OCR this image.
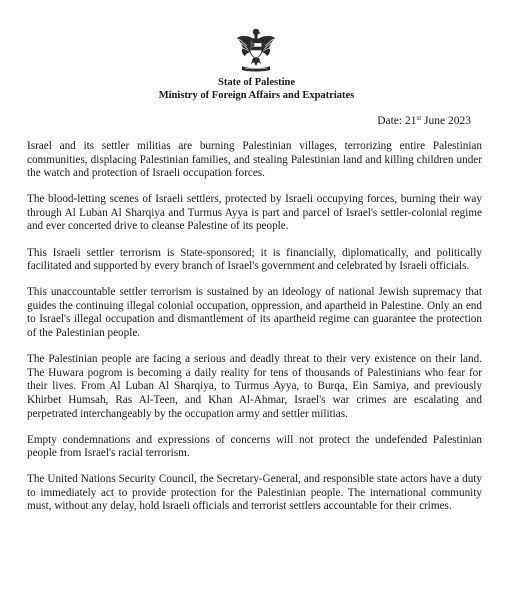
State of Palestine
Ministry of Foreign Affairs and Expatriates
Date: 21st June 2023

Israel and its settler militias are burning Palestinian villages, terrorizing entire Palestinian communities, displacing Palestinian families, and stealing Palestinian land and killing children under the watch and protection of Israeli occupation forces.

The blood-letting scenes of Israeli settlers, protected by Israeli occupying forces, burning their way through Al Luban Al Sharqiya and Turmus Ayya is part and parcel of Israel's settler-colonial regime and ever concerted drive to cleanse Palestine of its people.

This Israeli settler terrorism is State-sponsored; it is financially, diplomatically, and politically facilitated and supported by every branch of Israel's government and celebrated by Israeli officials.

This unaccountable settler terrorism is sustained by an ideology of national Jewish supremacy that guides the continuing illegal colonial occupation, oppression, and apartheid in Palestine. Only an end to Israel's illegal occupation and dismantlement of its apartheid regime can guarantee the protection of the Palestinian people.

The Palestinian people are facing a serious and deadly threat to their very existence on their land. The Huwara pogrom is becoming a daily reality for tens of thousands of Palestinians who fear for their lives. From Al Luban Al Sharqiya, to Turmus Ayya, to Burqa, Ein Samiya, and previously Khirbet Humsah, Ras Al-Teen, and Khan Al-Ahmar, Israel's war crimes are escalating and perpetrated interchangeably by the occupation army and settler militias.

Empty condemnations and expressions of concerns will not protect the undefended Palestinian people from Israel's racial terrorism.

The United Nations Security Council, the Secretary-General, and responsible state actors have a duty to immediately act to provide protection for the Palestinian people. The international community must, without any delay, hold Israeli officials and terrorist settlers accountable for their crimes.
